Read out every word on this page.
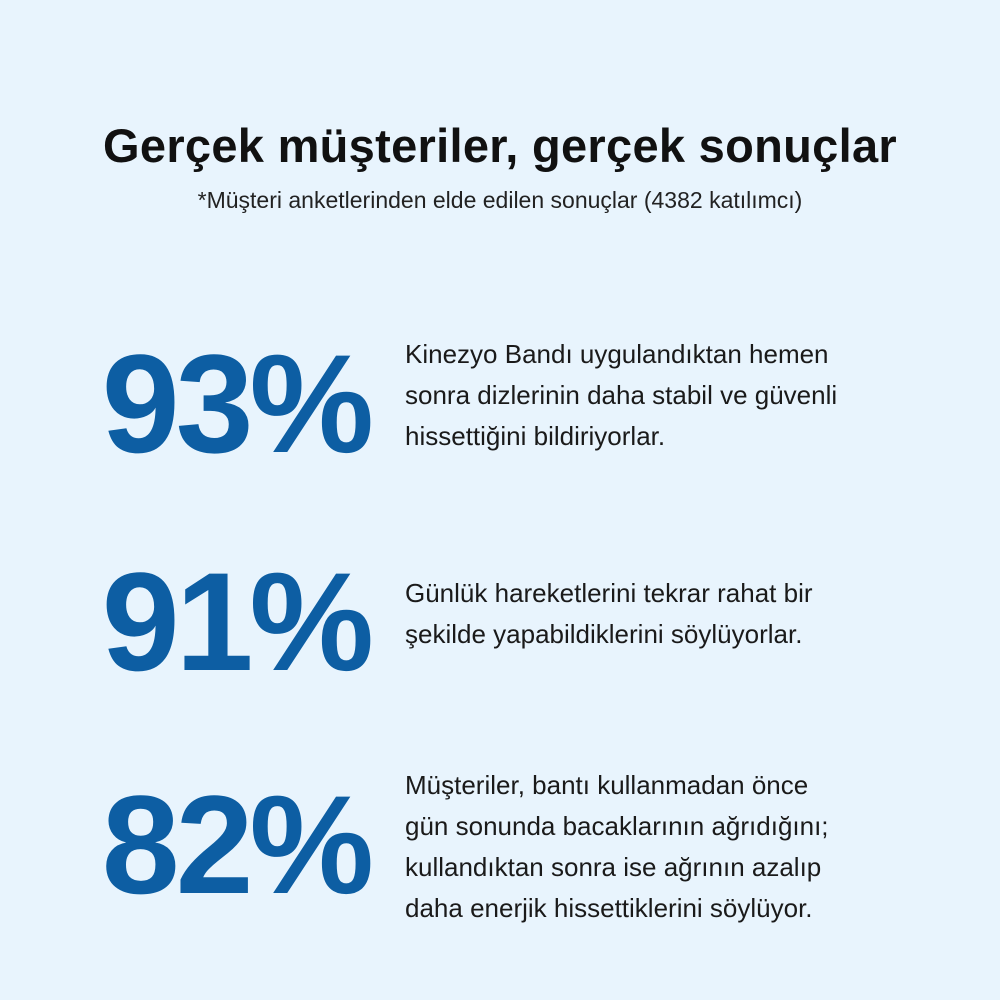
Gerçek müşteriler, gerçek sonuçlar

*Müşteri anketlerinden elde edilen sonuçlar (4382 katılımcı)

93% Kinezyo Bandı uygulandıktan hemen
sonra dizlerinin daha stabil ve güvenli
hissettiğini bildiriyorlar.

91% Günlük hareketlerini tekrar rahat bir
şekilde yapabildiklerini söylüyorlar.

82% Müşteriler, bantı kullanmadan önce
gün sonunda bacaklarının ağrıdığını;
kullandıktan sonra ise ağrının azalıp
daha enerjik hissettiklerini söylüyor.
